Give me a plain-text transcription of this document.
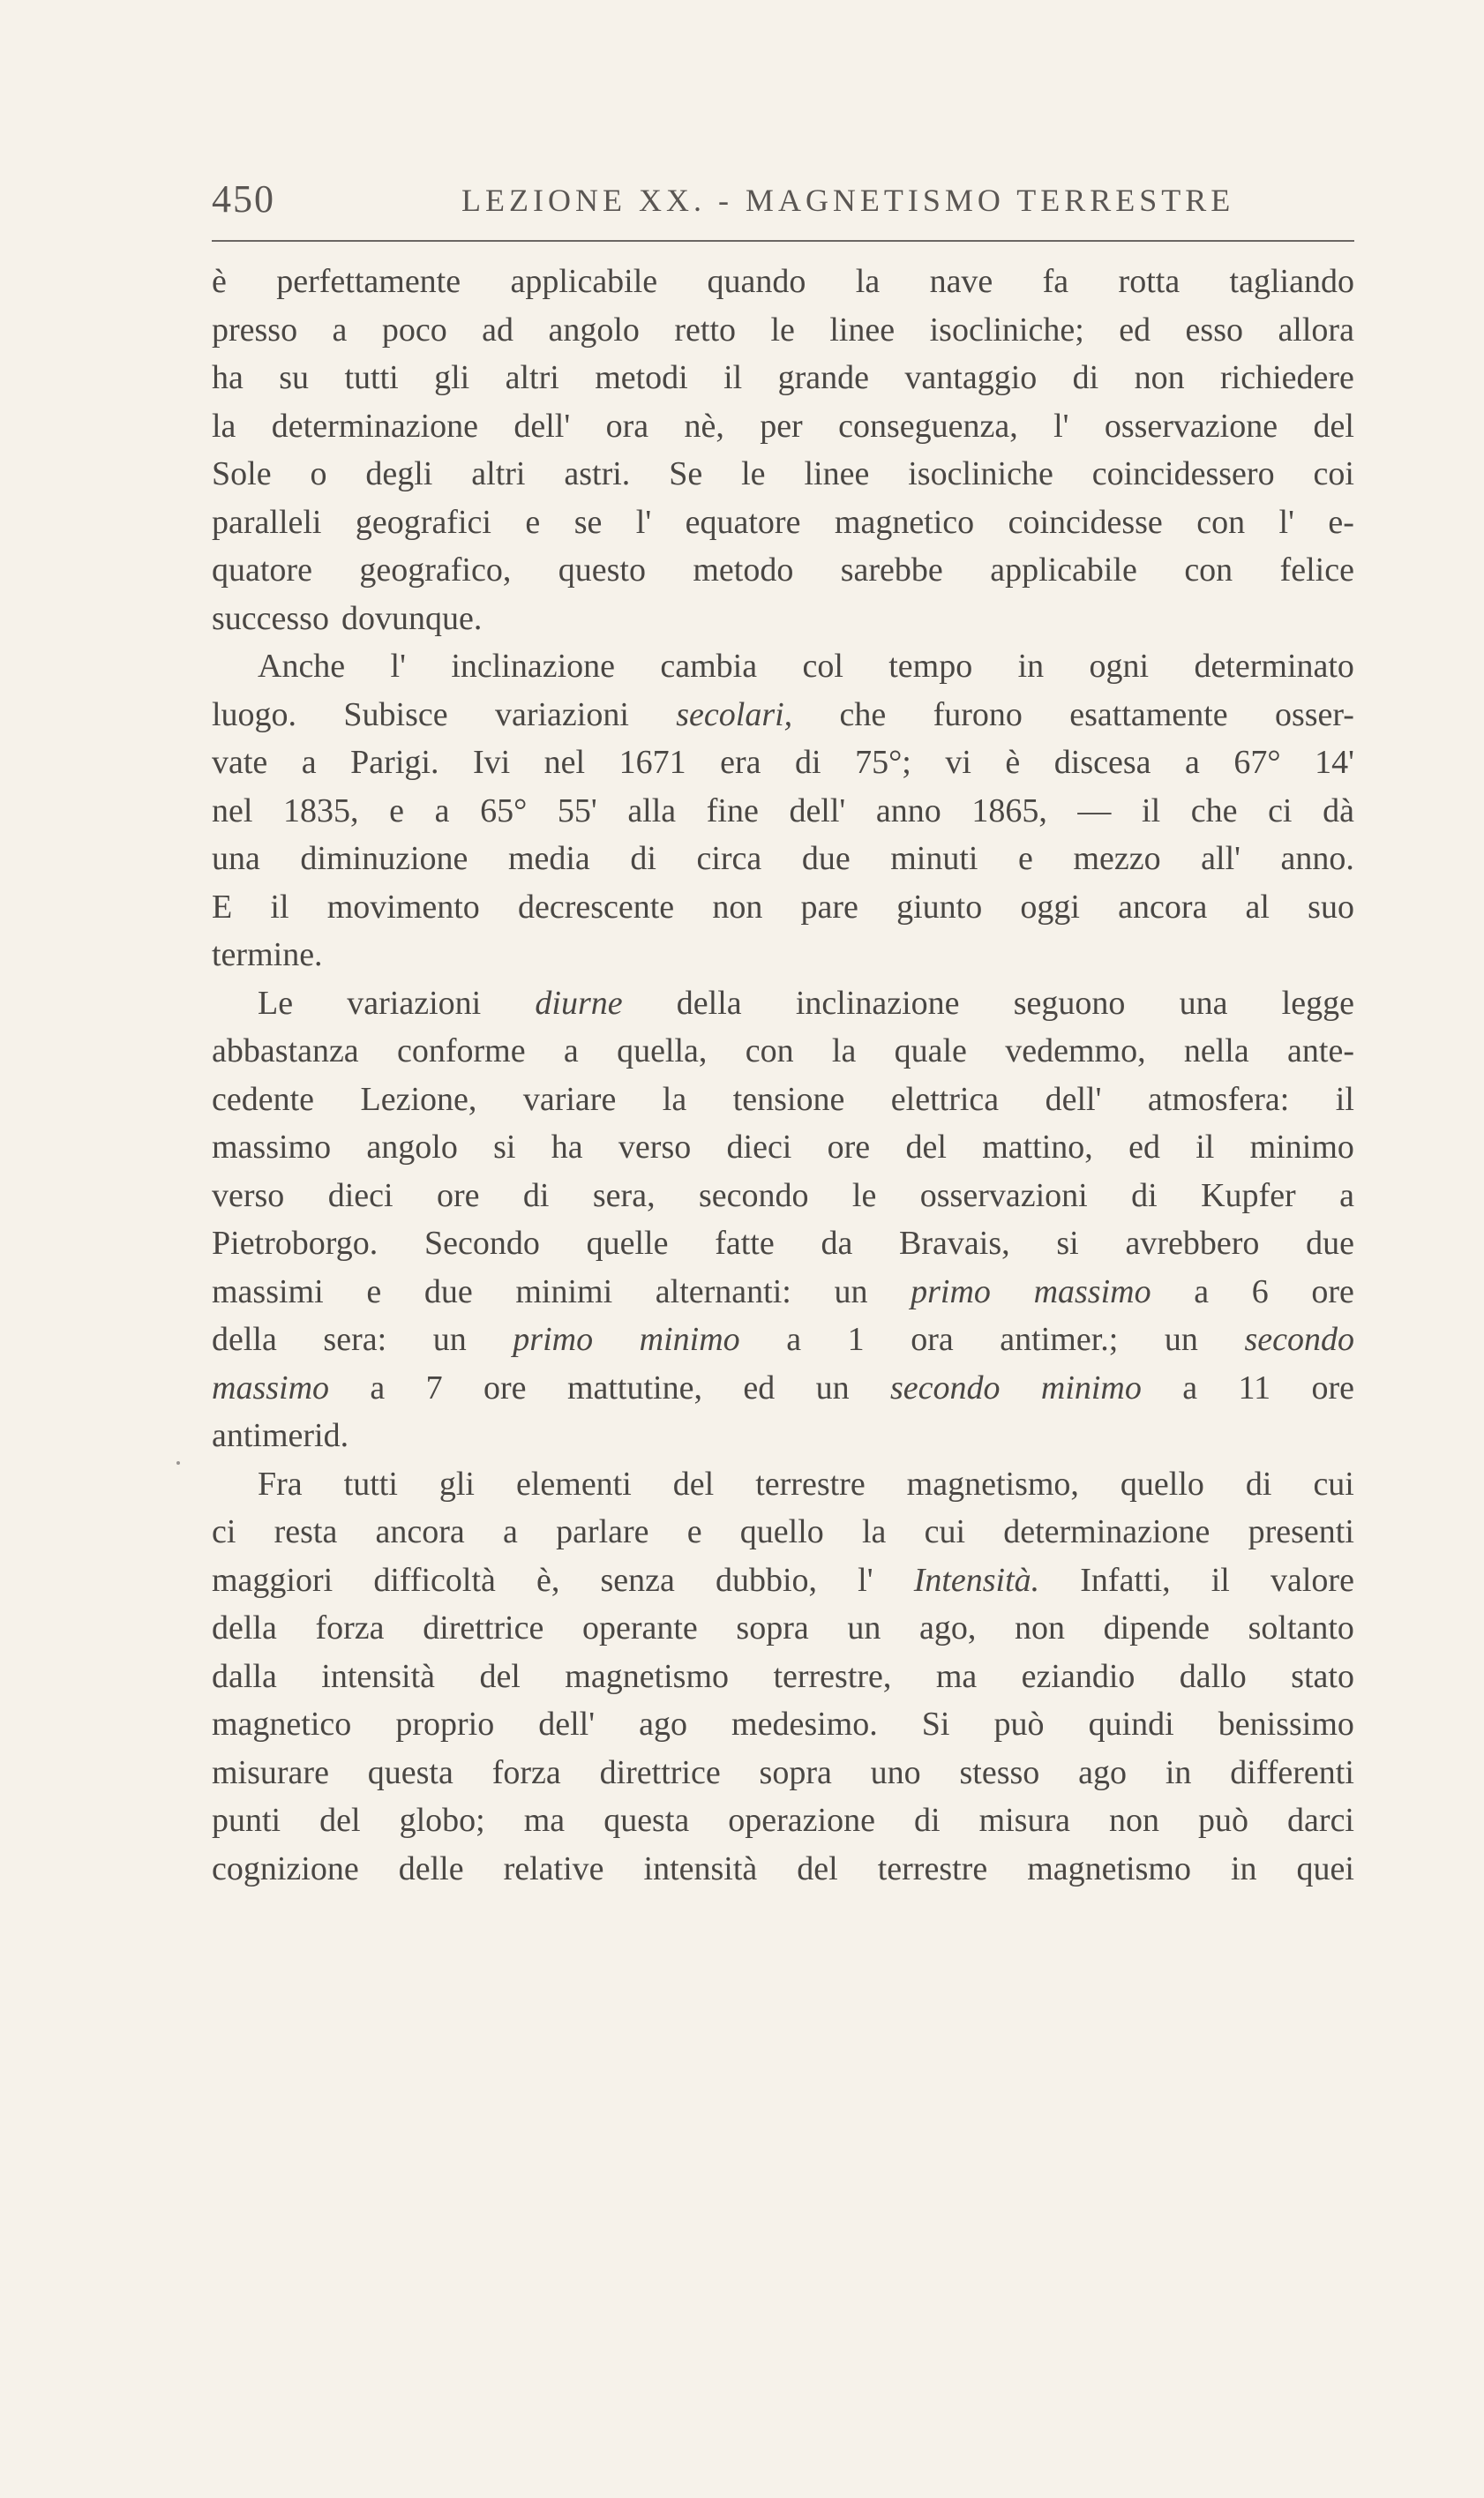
450	LEZIONE XX. - MAGNETISMO TERRESTRE
è perfettamente applicabile quando la nave fa rotta tagliando
presso a poco ad angolo retto le linee isocliniche; ed esso allora
ha su tutti gli altri metodi il grande vantaggio di non richiedere
la determinazione dell' ora nè, per conseguenza, l' osservazione del
Sole o degli altri astri. Se le linee isocliniche coincidessero coi
paralleli geografici e se l' equatore magnetico coincidesse con l' e-
quatore geografico, questo metodo sarebbe applicabile con felice
successo dovunque.
Anche l' inclinazione cambia col tempo in ogni determinato
luogo. Subisce variazioni secolari, che furono esattamente osser-
vate a Parigi. Ivi nel 1671 era di 75°; vi è discesa a 67° 14'
nel 1835, e a 65° 55' alla fine dell' anno 1865, — il che ci dà
una diminuzione media di circa due minuti e mezzo all' anno.
E il movimento decrescente non pare giunto oggi ancora al suo
termine.
Le variazioni diurne della inclinazione seguono una legge
abbastanza conforme a quella, con la quale vedemmo, nella ante-
cedente Lezione, variare la tensione elettrica dell' atmosfera: il
massimo angolo si ha verso dieci ore del mattino, ed il minimo
verso dieci ore di sera, secondo le osservazioni di Kupfer a
Pietroborgo. Secondo quelle fatte da Bravais, si avrebbero due
massimi e due minimi alternanti: un primo massimo a 6 ore
della sera: un primo minimo a 1 ora antimer.; un secondo
massimo a 7 ore mattutine, ed un secondo minimo a 11 ore
antimerid.
Fra tutti gli elementi del terrestre magnetismo, quello di cui
ci resta ancora a parlare e quello la cui determinazione presenti
maggiori difficoltà è, senza dubbio, l' Intensità. Infatti, il valore
della forza direttrice operante sopra un ago, non dipende soltanto
dalla intensità del magnetismo terrestre, ma eziandio dallo stato
magnetico proprio dell' ago medesimo. Si può quindi benissimo
misurare questa forza direttrice sopra uno stesso ago in differenti
punti del globo; ma questa operazione di misura non può darci
cognizione delle relative intensità del terrestre magnetismo in quei
